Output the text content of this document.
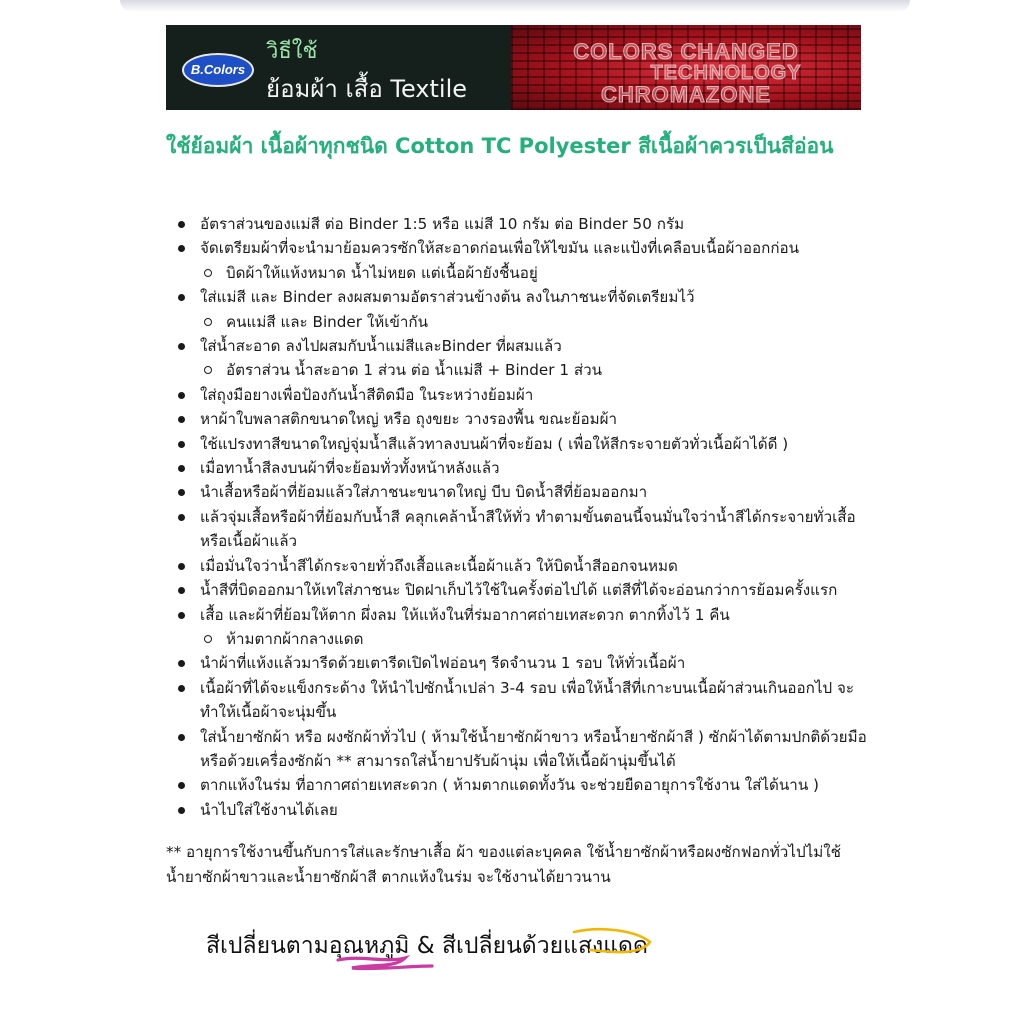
B.Colors
วิธีใช้
ย้อมผ้า เสื้อ Textile
COLORS CHANGED
TECHNOLOGY
CHROMAZONE
ใช้ย้อมผ้า เนื้อผ้าทุกชนิด Cotton TC Polyester สีเนื้อผ้าควรเป็นสีอ่อน
อัตราส่วนของแม่สี ต่อ Binder 1:5 หรือ แม่สี 10 กรัม ต่อ Binder 50 กรัม
จัดเตรียมผ้าที่จะนำมาย้อมควรซักให้สะอาดก่อนเพื่อให้ไขมัน และแป้งที่เคลือบเนื้อผ้าออกก่อน
บิดผ้าให้แห้งหมาด น้ำไม่หยด แต่เนื้อผ้ายังชื้นอยู่
ใส่แม่สี และ Binder ลงผสมตามอัตราส่วนข้างต้น ลงในภาชนะที่จัดเตรียมไว้
คนแม่สี และ Binder ให้เข้ากัน
ใส่น้ำสะอาด ลงไปผสมกับน้ำแม่สีและBinder ที่ผสมแล้ว
อัตราส่วน น้ำสะอาด 1 ส่วน ต่อ น้ำแม่สี + Binder 1 ส่วน
ใส่ถุงมือยางเพื่อป้องกันน้ำสีติดมือ ในระหว่างย้อมผ้า
หาผ้าใบพลาสติกขนาดใหญ่ หรือ ถุงขยะ วางรองพื้น ขณะย้อมผ้า
ใช้แปรงทาสีขนาดใหญ่จุ่มน้ำสีแล้วทาลงบนผ้าที่จะย้อม ( เพื่อให้สีกระจายตัวทั่วเนื้อผ้าได้ดี )
เมื่อทาน้ำสีลงบนผ้าที่จะย้อมทั่วทั้งหน้าหลังแล้ว
นำเสื้อหรือผ้าที่ย้อมแล้วใส่ภาชนะขนาดใหญ่ บีบ บิดน้ำสีที่ย้อมออกมา
แล้วจุ่มเสื้อหรือผ้าที่ย้อมกับน้ำสี คลุกเคล้าน้ำสีให้ทั่ว ทำตามขั้นตอนนี้จนมั่นใจว่าน้ำสีได้กระจายทั่วเสื้อหรือเนื้อผ้าแล้ว
เมื่อมั่นใจว่าน้ำสีได้กระจายทั่วถึงเสื้อและเนื้อผ้าแล้ว ให้บิดน้ำสีออกจนหมด
น้ำสีที่บิดออกมาให้เทใส่ภาชนะ ปิดฝาเก็บไว้ใช้ในครั้งต่อไปได้ แต่สีที่ได้จะอ่อนกว่าการย้อมครั้งแรก
เสื้อ และผ้าที่ย้อมให้ตาก ผึ่งลม ให้แห้งในที่ร่มอากาศถ่ายเทสะดวก ตากทิ้งไว้ 1 คืน
ห้ามตากผ้ากลางแดด
นำผ้าที่แห้งแล้วมารีดด้วยเตารีดเปิดไฟอ่อนๆ รีดจำนวน 1 รอบ ให้ทั่วเนื้อผ้า
เนื้อผ้าที่ได้จะแข็งกระด้าง ให้นำไปซักน้ำเปล่า 3-4 รอบ เพื่อให้น้ำสีที่เกาะบนเนื้อผ้าส่วนเกินออกไป จะทำให้เนื้อผ้าจะนุ่มขึ้น
ใส่น้ำยาซักผ้า หรือ ผงซักผ้าทั่วไป ( ห้ามใช้น้ำยาซักผ้าขาว หรือน้ำยาซักผ้าสี ) ซักผ้าได้ตามปกติด้วยมือ หรือด้วยเครื่องซักผ้า ** สามารถใส่น้ำยาปรับผ้านุ่ม เพื่อให้เนื้อผ้านุ่มขึ้นได้
ตากแห้งในร่ม ที่อากาศถ่ายเทสะดวก ( ห้ามตากแดดทั้งวัน จะช่วยยืดอายุการใช้งาน ใส่ได้นาน )
นำไปใส่ใช้งานได้เลย
** อายุการใช้งานขึ้นกับการใส่และรักษาเสื้อ ผ้า ของแต่ละบุคคล ใช้น้ำยาซักผ้าหรือผงซักฟอกทั่วไปไม่ใช้น้ำยาซักผ้าขาวและน้ำยาซักผ้าสี ตากแห้งในร่ม จะใช้งานได้ยาวนาน
สีเปลี่ยนตามอุณหภูมิ & สีเปลี่ยนด้วยแสงแดด
